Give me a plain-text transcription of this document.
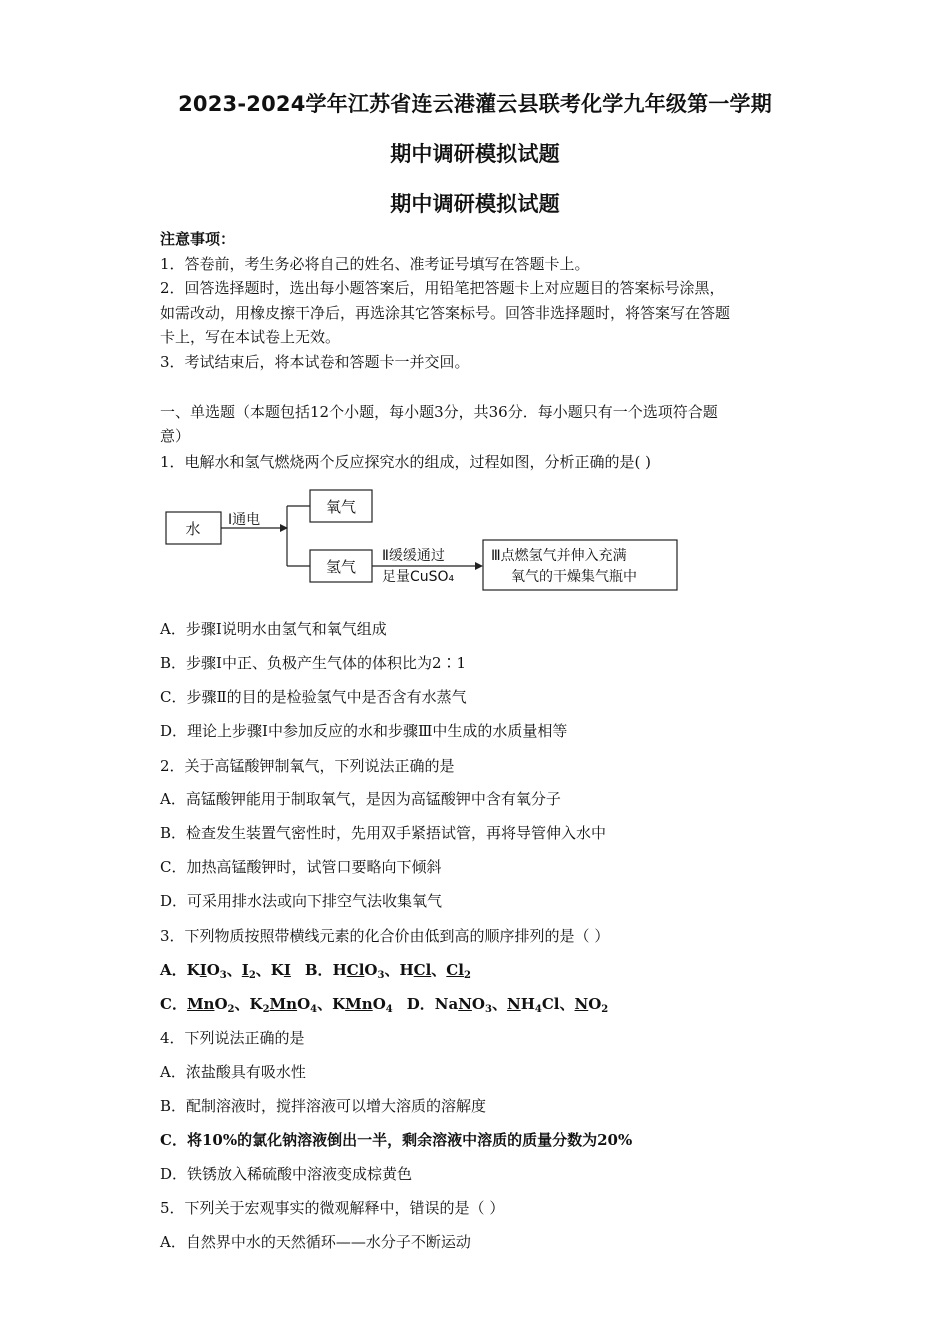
2023-2024学年江苏省连云港灌云县联考化学九年级第一学期
期中调研模拟试题
期中调研模拟试题
注意事项：
1．答卷前，考生务必将自己的姓名、准考证号填写在答题卡上。
2．回答选择题时，选出每小题答案后，用铅笔把答题卡上对应题目的答案标号涂黑，
如需改动，用橡皮擦干净后，再选涂其它答案标号。回答非选择题时，将答案写在答题
卡上，写在本试卷上无效。
3．考试结束后，将本试卷和答题卡一并交回。
一、单选题（本题包括12个小题，每小题3分，共36分．每小题只有一个选项符合题
意）
1．电解水和氢气燃烧两个反应探究水的组成，过程如图，分析正确的是( )
水 Ⅰ通电
氧气
氢气
Ⅱ缓缓通过
足量CuSO₄
Ⅲ点燃氢气并伸入充满
氧气的干燥集气瓶中
A．步骤Ⅰ说明水由氢气和氧气组成
B．步骤Ⅰ中正、负极产生气体的体积比为2∶1
C．步骤Ⅱ的目的是检验氢气中是否含有水蒸气
D．理论上步骤Ⅰ中参加反应的水和步骤Ⅲ中生成的水质量相等
2．关于高锰酸钾制氧气，下列说法正确的是
A．高锰酸钾能用于制取氧气，是因为高锰酸钾中含有氧分子
B．检查发生装置气密性时，先用双手紧捂试管，再将导管伸入水中
C．加热高锰酸钾时，试管口要略向下倾斜
D．可采用排水法或向下排空气法收集氧气
3．下列物质按照带横线元素的化合价由低到高的顺序排列的是（ ）
A．$KIO_3$、$I_2$、KI B．HClO$_3$、HCl、$Cl_2$
C．MnO$_2$、$K_2MnO_4$、KMnO$_4$ D．NaNO$_3$、$NH_4Cl$、$NO_2$
4．下列说法正确的是
A．浓盐酸具有吸水性
B．配制溶液时，搅拌溶液可以增大溶质的溶解度
C．将10%的氯化钠溶液倒出一半，剩余溶液中溶质的质量分数为20%
D．铁锈放入稀硫酸中溶液变成棕黄色
5．下列关于宏观事实的微观解释中，错误的是（ ）
A．自然界中水的天然循环——水分子不断运动
